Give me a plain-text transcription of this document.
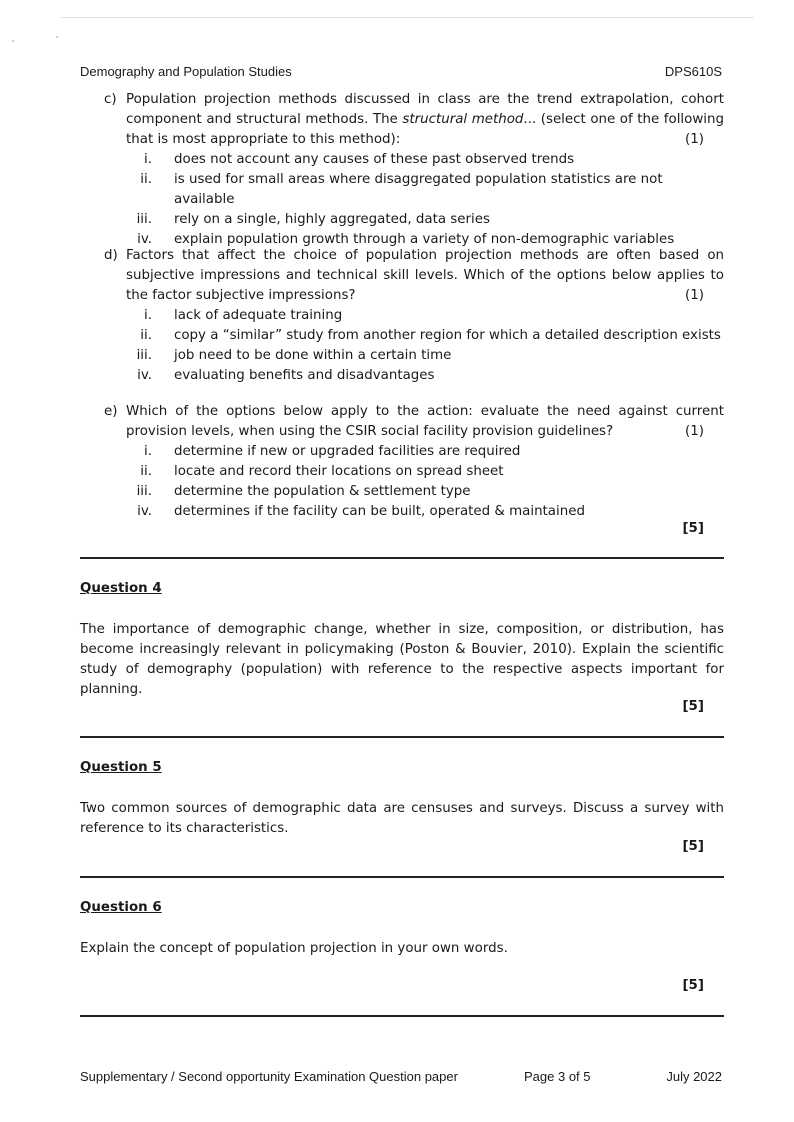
Demography and Population Studies	DPS610S
c) Population projection methods discussed in class are the trend extrapolation, cohort component and structural methods. The structural method... (select one of the following that is most appropriate to this method):	(1)
i.	does not account any causes of these past observed trends
ii.	is used for small areas where disaggregated population statistics are not available
iii.	rely on a single, highly aggregated, data series
iv.	explain population growth through a variety of non-demographic variables
d) Factors that affect the choice of population projection methods are often based on subjective impressions and technical skill levels. Which of the options below applies to the factor subjective impressions?	(1)
i.	lack of adequate training
ii.	copy a “similar” study from another region for which a detailed description exists
iii.	job need to be done within a certain time
iv.	evaluating benefits and disadvantages
e) Which of the options below apply to the action: evaluate the need against current provision levels, when using the CSIR social facility provision guidelines?	(1)
i.	determine if new or upgraded facilities are required
ii.	locate and record their locations on spread sheet
iii.	determine the population & settlement type
iv.	determines if the facility can be built, operated & maintained
[5]
Question 4
The importance of demographic change, whether in size, composition, or distribution, has become increasingly relevant in policymaking (Poston & Bouvier, 2010). Explain the scientific study of demography (population) with reference to the respective aspects important for planning.
[5]
Question 5
Two common sources of demographic data are censuses and surveys. Discuss a survey with reference to its characteristics.
[5]
Question 6
Explain the concept of population projection in your own words.
[5]
Supplementary / Second opportunity Examination Question paper	Page 3 of 5	July 2022
